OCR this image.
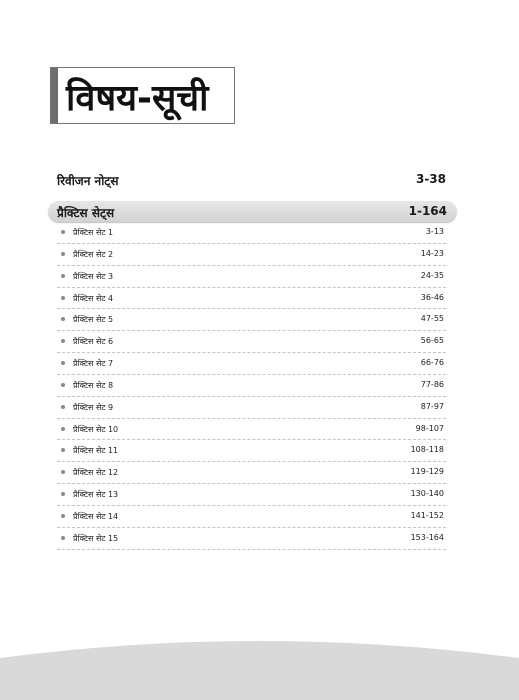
विषय-सूची
रिवीजन नोट्स	3-38
प्रैक्टिस सेट्स	1-164
प्रैक्टिस सेट 1	3-13
प्रैक्टिस सेट 2	14-23
प्रैक्टिस सेट 3	24-35
प्रैक्टिस सेट 4	36-46
प्रैक्टिस सेट 5	47-55
प्रैक्टिस सेट 6	56-65
प्रैक्टिस सेट 7	66-76
प्रैक्टिस सेट 8	77-86
प्रैक्टिस सेट 9	87-97
प्रैक्टिस सेट 10	98-107
प्रैक्टिस सेट 11	108-118
प्रैक्टिस सेट 12	119-129
प्रैक्टिस सेट 13	130-140
प्रैक्टिस सेट 14	141-152
प्रैक्टिस सेट 15	153-164
